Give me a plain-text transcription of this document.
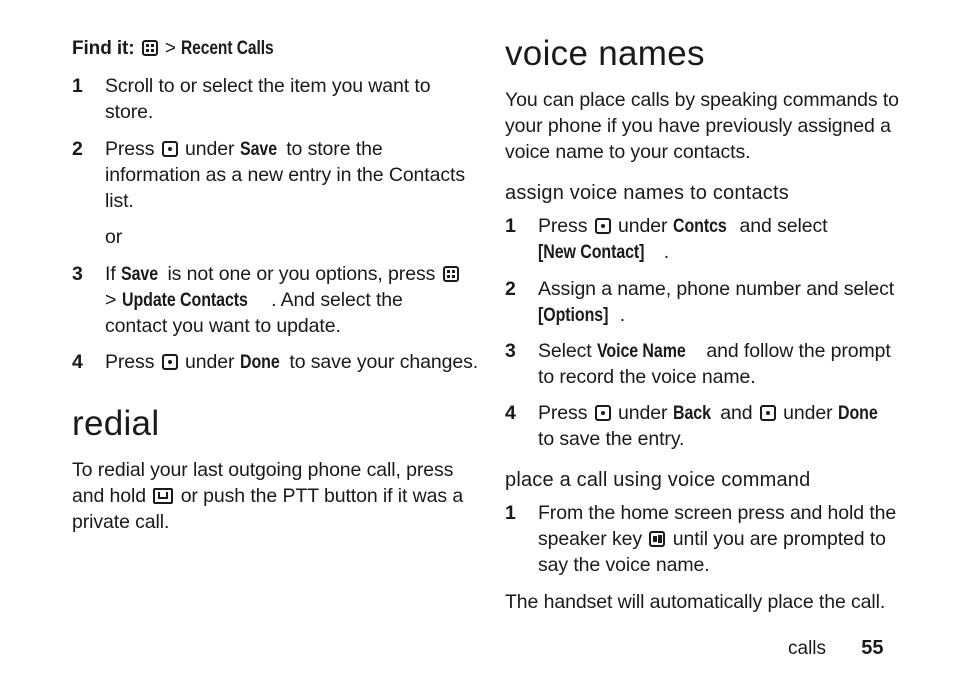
Find it: > Recent Calls
1	Scroll to or select the item you want to store.
2	Press under Save to store the information as a new entry in the Contacts list.
or
3	If Save is not one or you options, press  > Update Contacts . And select the contact you want to update.
4	Press under Done to save your changes.
redial
To redial your last outgoing phone call, press and hold or push the PTT button if it was a private call.
voice names
You can place calls by speaking commands to your phone if you have previously assigned a voice name to your contacts.
assign voice names to contacts
1	Press under Contcs and select [New Contact] .
2	Assign a name, phone number and select [Options] .
3	Select Voice Name and follow the prompt to record the voice name.
4	Press under Back and under Done to save the entry.
place a call using voice command
1	From the home screen press and hold the speaker key until you are prompted to say the voice name.
The handset will automatically place the call.
calls 55
